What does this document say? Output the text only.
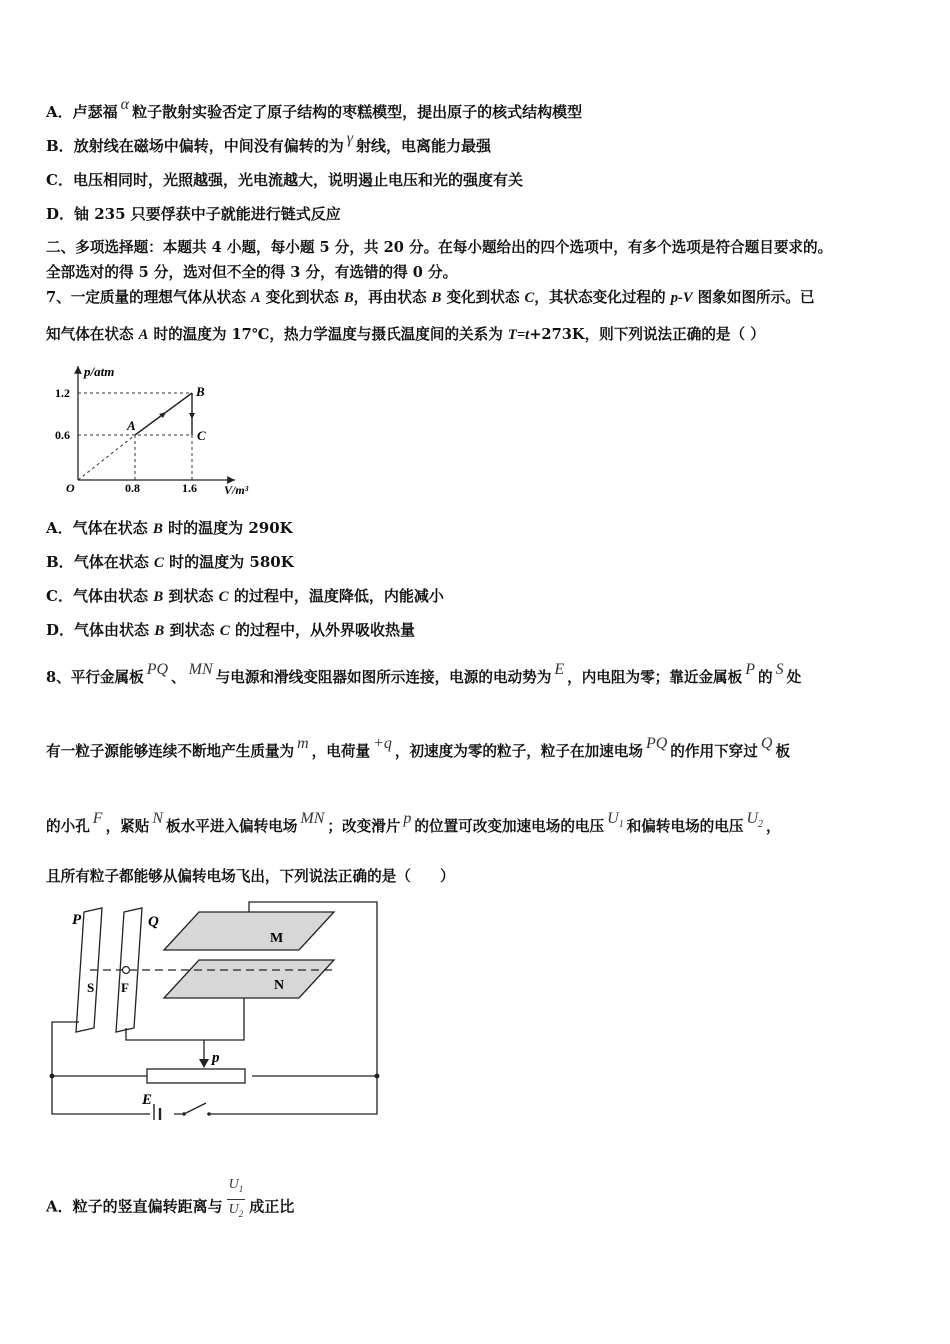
A．卢瑟福 α 粒子散射实验否定了原子结构的枣糕模型，提出原子的核式结构模型
B．放射线在磁场中偏转，中间没有偏转的为 γ 射线，电离能力最强
C．电压相同时，光照越强，光电流越大，说明遏止电压和光的强度有关
D．铀 235 只要俘获中子就能进行链式反应
二、多项选择题：本题共 4 小题，每小题 5 分，共 20 分。在每小题给出的四个选项中，有多个选项是符合题目要求的。
全部选对的得 5 分，选对但不全的得 3 分，有选错的得 0 分。
7、一定质量的理想气体从状态 A 变化到状态 B，再由状态 B 变化到状态 C，其状态变化过程的 p-V 图象如图所示。已
知气体在状态 A 时的温度为 17℃，热力学温度与摄氏温度间的关系为 T=t+273K，则下列说法正确的是（ ）
p/atm
V/m³
O
1.2
0.6
0.8	1.6
A
B
C
A．气体在状态 B 时的温度为 290K
B．气体在状态 C 时的温度为 580K
C．气体由状态 B 到状态 C 的过程中，温度降低，内能减小
D．气体由状态 B 到状态 C 的过程中，从外界吸收热量
8、平行金属板 PQ 、 MN 与电源和滑线变阻器如图所示连接，电源的电动势为 E ，内电阻为零；靠近金属板 P 的 S 处
有一粒子源能够连续不断地产生质量为 m ，电荷量 +q ，初速度为零的粒子，粒子在加速电场 PQ 的作用下穿过 Q 板
的小孔 F ，紧贴 N 板水平进入偏转电场 MN ；改变滑片 p 的位置可改变加速电场的电压 $U_1$ 和偏转电场的电压 $U_2$ ，
且所有粒子都能够从偏转电场飞出，下列说法正确的是（　　）
P	Q
M
N
S F
p
E
A．粒子的竖直偏转距离与 $\frac{U_1}{U_2}$ 成正比
